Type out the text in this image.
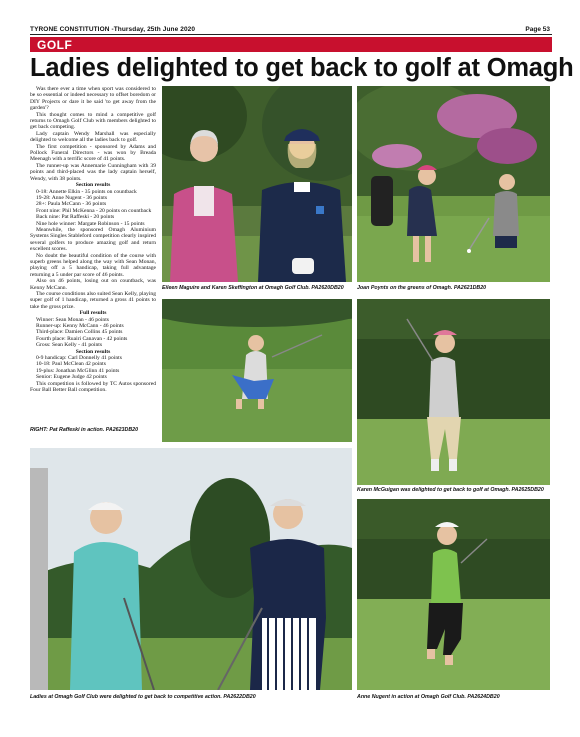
TYRONE CONSTITUTION -Thursday, 25th June 2020	Page 53
GOLF
Ladies delighted to get back to golf at Omagh

Was there ever a time when sport was considered to be so essential or indeed necessary to offset boredom or DIY Projects or dare it be said 'to get away from the garden'?

This thought comes to mind a competitive golf returns to Omagh Golf Club with members delighted to get back competing.

Lady captain Wendy Marshall was especially delighted to welcome all the ladies back to golf.

The first competition - sponsored by Adams and Pollock Funeral Directors - was won by Breada Meenagh with a terrific score of 41 points.

The runner-up was Annemarie Cunningham with 39 points and third-placed was the lady captain herself, Wendy, with 38 points.

Section results

0-18: Annette Elkin - 35 points on countback

19-28: Anne Nugent - 36 points

28+: Paula McCann - 36 points

Front nine: Phil McKenna - 20 points on countback

Back nine: Pat Raffeski - 20 points

Nine hole winner: Margate Robinson - 15 points

Meanwhile, the sponsored Omagh Aluminium Systems Singles Stableford competition clearly inspired several golfers to produce amazing golf and return excellent scores.

No doubt the beautiful condition of the course with superb greens helped along the way with Sean Monan, playing off a 5 handicap, taking full advantage returning a 5 under par score of 46 points.

Also on 46 points, losing out on countback, was Kenny McCann.

The course conditions also suited Sean Kelly, playing super golf of 1 handicap, returned a gross 41 points to take the gross prize.

Full results

Winner: Sean Monan - 46 points

Runner-up: Kenny McCann - 46 points

Third-place: Damien Collins 45 points

Fourth place: Ruairi Canavan - 42 points

Gross: Sean Kelly - 41 points

Section results

0-9 handicap: Carl Donnelly 41 points

10-18: Paul McClean 42 points

19-plus: Jonathan McGlinn 41 points

Senior: Eugene Judge 42 points

This competition is followed by TC Autos sponsored Four Ball Better Ball competition.

Eileen Maguire and Karen Skeffington at Omagh Golf Club. PA2620DB20	Joan Poynts on the greens of Omagh. PA2621DB20
RIGHT: Pat Raffeski in action. PA2623DB20
Karen McGuigan was delighted to get back to golf at Omagh. PA2625DB20
Ladies at Omagh Golf Club were delighted to get back to competitive action. PA2622DB20	Anne Nugent in action at Omagh Golf Club. PA2624DB20
